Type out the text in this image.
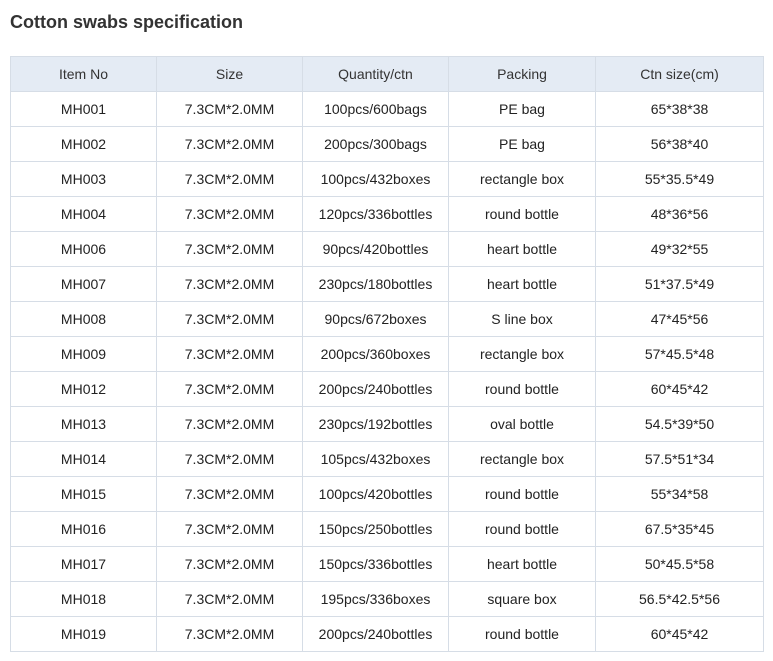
Cotton swabs specification
Item No	Size	Quantity/ctn	Packing	Ctn size(cm)
MH001	7.3CM*2.0MM	100pcs/600bags	PE bag	65*38*38
MH002	7.3CM*2.0MM	200pcs/300bags	PE bag	56*38*40
MH003	7.3CM*2.0MM	100pcs/432boxes	rectangle box	55*35.5*49
MH004	7.3CM*2.0MM	120pcs/336bottles	round bottle	48*36*56
MH006	7.3CM*2.0MM	90pcs/420bottles	heart bottle	49*32*55
MH007	7.3CM*2.0MM	230pcs/180bottles	heart bottle	51*37.5*49
MH008	7.3CM*2.0MM	90pcs/672boxes	S line box	47*45*56
MH009	7.3CM*2.0MM	200pcs/360boxes	rectangle box	57*45.5*48
MH012	7.3CM*2.0MM	200pcs/240bottles	round bottle	60*45*42
MH013	7.3CM*2.0MM	230pcs/192bottles	oval bottle	54.5*39*50
MH014	7.3CM*2.0MM	105pcs/432boxes	rectangle box	57.5*51*34
MH015	7.3CM*2.0MM	100pcs/420bottles	round bottle	55*34*58
MH016	7.3CM*2.0MM	150pcs/250bottles	round bottle	67.5*35*45
MH017	7.3CM*2.0MM	150pcs/336bottles	heart bottle	50*45.5*58
MH018	7.3CM*2.0MM	195pcs/336boxes	square box	56.5*42.5*56
MH019	7.3CM*2.0MM	200pcs/240bottles	round bottle	60*45*42
